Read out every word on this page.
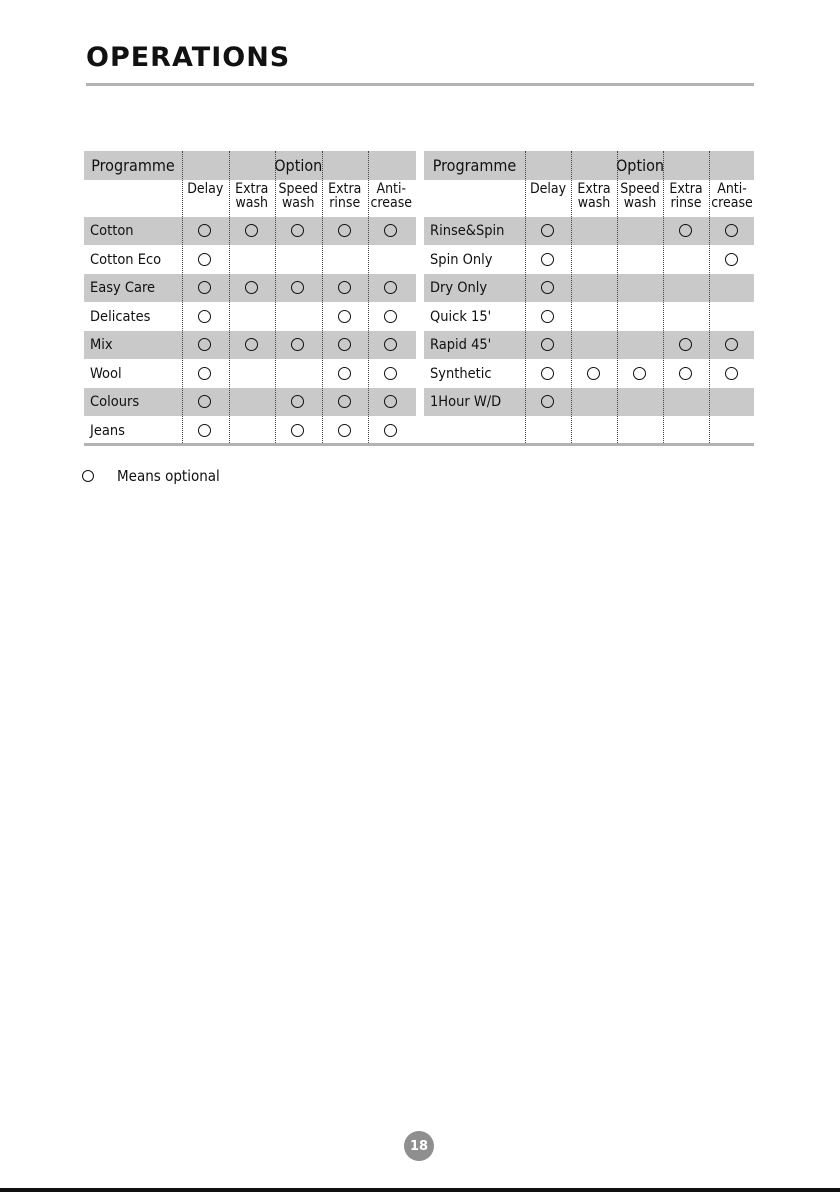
OPERATIONS
Programme	Option
Delay Extra
wash
Speed
wash
Extra
rinse
Anti-
crease
Cotton
Cotton Eco
Easy Care
Delicates
Mix
Wool
Colours
Jeans
Programme	Option
Delay Extra
wash
Speed
wash
Extra
rinse
Anti-
crease
Rinse&Spin
Spin Only
Dry Only
Quick 15'
Rapid 45'
Synthetic
1Hour W/D
Means optional
18
